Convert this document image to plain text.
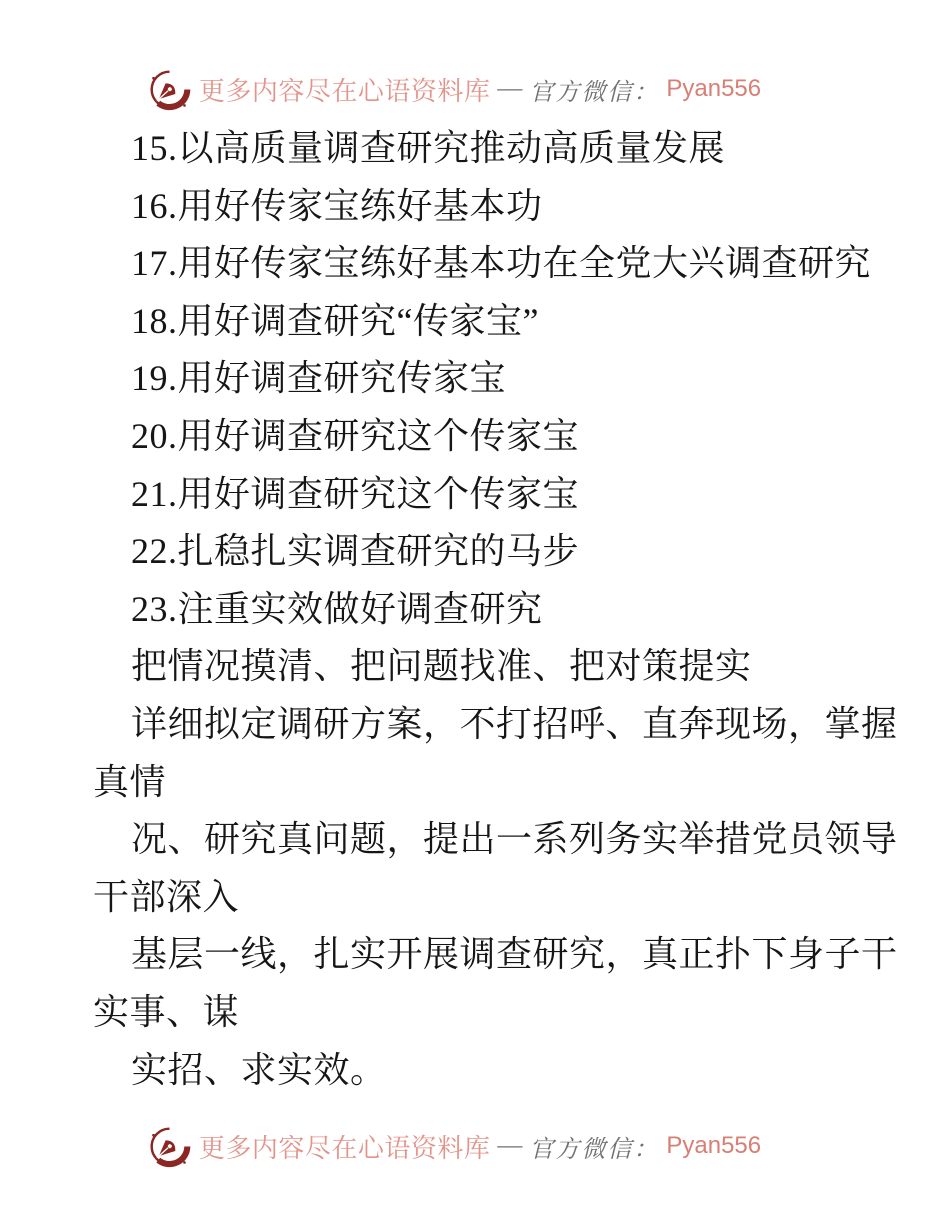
更多内容尽在心语资料库 — 官方微信： Pyan556
15.以高质量调查研究推动高质量发展
16.用好传家宝练好基本功
17.用好传家宝练好基本功在全党大兴调查研究
18.用好调查研究“传家宝”
19.用好调查研究传家宝
20.用好调查研究这个传家宝
21.用好调查研究这个传家宝
22.扎稳扎实调查研究的马步
23.注重实效做好调查研究
把情况摸清、把问题找准、把对策提实
详细拟定调研方案，不打招呼、直奔现场，掌握
真情
况、研究真问题，提出一系列务实举措党员领导
干部深入
基层一线，扎实开展调查研究，真正扑下身子干
实事、谋
实招、求实效。
更多内容尽在心语资料库 — 官方微信： Pyan556
